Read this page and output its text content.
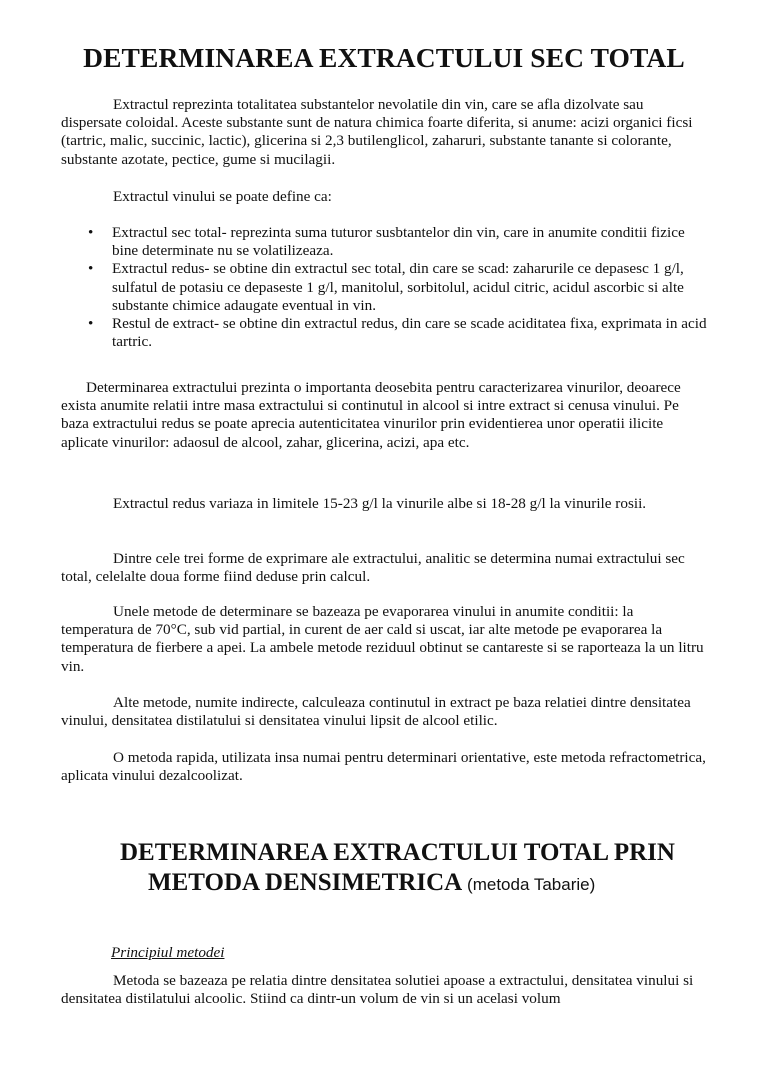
DETERMINAREA EXTRACTULUI SEC TOTAL

Extractul reprezinta totalitatea substantelor nevolatile din vin, care se afla dizolvate sau dispersate coloidal. Aceste substante sunt de natura chimica foarte diferita, si anume: acizi organici ficsi (tartric, malic, succinic, lactic), glicerina si 2,3 butilenglicol, zaharuri, substante tanante si colorante, substante azotate, pectice, gume si mucilagii.

Extractul vinului se poate define ca:

• Extractul sec total- reprezinta suma tuturor susbtantelor din vin, care in anumite conditii fizice bine determinate nu se volatilizeaza.
• Extractul redus- se obtine din extractul sec total, din care se scad: zaharurile ce depasesc 1 g/l, sulfatul de potasiu ce depaseste 1 g/l, manitolul, sorbitolul, acidul citric, acidul ascorbic si alte substante chimice adaugate eventual in vin.
• Restul de extract- se obtine din extractul redus, din care se scade aciditatea fixa, exprimata in acid tartric.

Determinarea extractului prezinta o importanta deosebita pentru caracterizarea vinurilor, deoarece exista anumite relatii intre masa extractului si continutul in alcool si intre extract si cenusa vinului. Pe baza extractului redus se poate aprecia autenticitatea vinurilor prin evidentierea unor operatii ilicite aplicate vinurilor: adaosul de alcool, zahar, glicerina, acizi, apa etc.

Extractul redus variaza in limitele 15-23 g/l la vinurile albe si 18-28 g/l la vinurile rosii.

Dintre cele trei forme de exprimare ale extractului, analitic se determina numai extractului sec total, celelalte doua forme fiind deduse prin calcul.

Unele metode de determinare se bazeaza pe evaporarea vinului in anumite conditii: la temperatura de 70°C, sub vid partial, in curent de aer cald si uscat, iar alte metode pe evaporarea la temperatura de fierbere a apei. La ambele metode reziduul obtinut se cantareste si se raporteaza la un litru vin.

Alte metode, numite indirecte, calculeaza continutul in extract pe baza relatiei dintre densitatea vinului, densitatea distilatului si densitatea vinului lipsit de alcool etilic.

O metoda rapida, utilizata insa numai pentru determinari orientative, este metoda refractometrica, aplicata vinului dezalcoolizat.

DETERMINAREA EXTRACTULUI TOTAL PRIN
METODA DENSIMETRICA (metoda Tabarie)

Principiul metodei

Metoda se bazeaza pe relatia dintre densitatea solutiei apoase a extractului, densitatea vinului si densitatea distilatului alcoolic. Stiind ca dintr-un volum de vin si un acelasi volum
